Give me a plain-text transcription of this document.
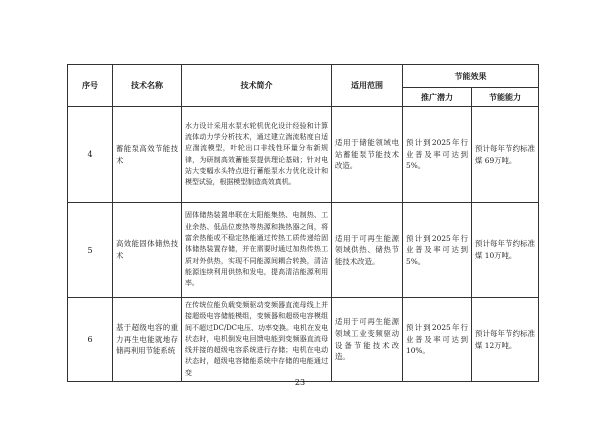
序号	技术名称	技术简介	适用范围	节能效果	
				推广潜力	节能能力
4	蓄能泵高效节能技术	水力设计采用水泵水轮机优化设计经验和计算流体动力学分析技术，通过建立湍流粘度自适应湍流模型，叶轮出口非线性环量分布新规律，为研制高效蓄能泵提供理论基础；针对电站大变幅水头特点进行蓄能泵水力优化设计和模型试验，根据模型制造高效真机。	适用于储能领域电站蓄能泵节能技术改造。	预计到2025年行业普及率可达到5%。	预计每年节约标准煤 69万吨。

5	高效能固体储热技术	固体储热装置串联在太阳能集热、电制热、工业余热、低品位废热等热源和换热器之间，将富余热能或不稳定热能通过传热工质传递给固体储热装置存储，并在需要时通过加热传热工质对外供热，实现不同能源间耦合转换，清洁能源连续利用供热和发电，提高清洁能源利用率。	适用于可再生能源领域供热、储热节能技术改造。	预计到2025年行业普及率可达到5%。	预计每年节约标准煤 10万吨。

6	基于超级电容的重力再生电能就地存储再利用节能系统	在传统位能负载变频驱动变频器直流母线上并接超级电容储能模组，变频器和超级电容模组间不超过DC/DC电压、功率变换。电机在发电状态时，电机倒发电回馈电能到变频器直流母线并接的超级电容系统进行存储；电机在电动状态时，超级电容储能系统中存储的电能通过变	适用于可再生能源领域工业变频驱动设备节能技术改造。	预计到2025年行业普及率可达到10%。	预计每年节约标准煤 12万吨。
23
